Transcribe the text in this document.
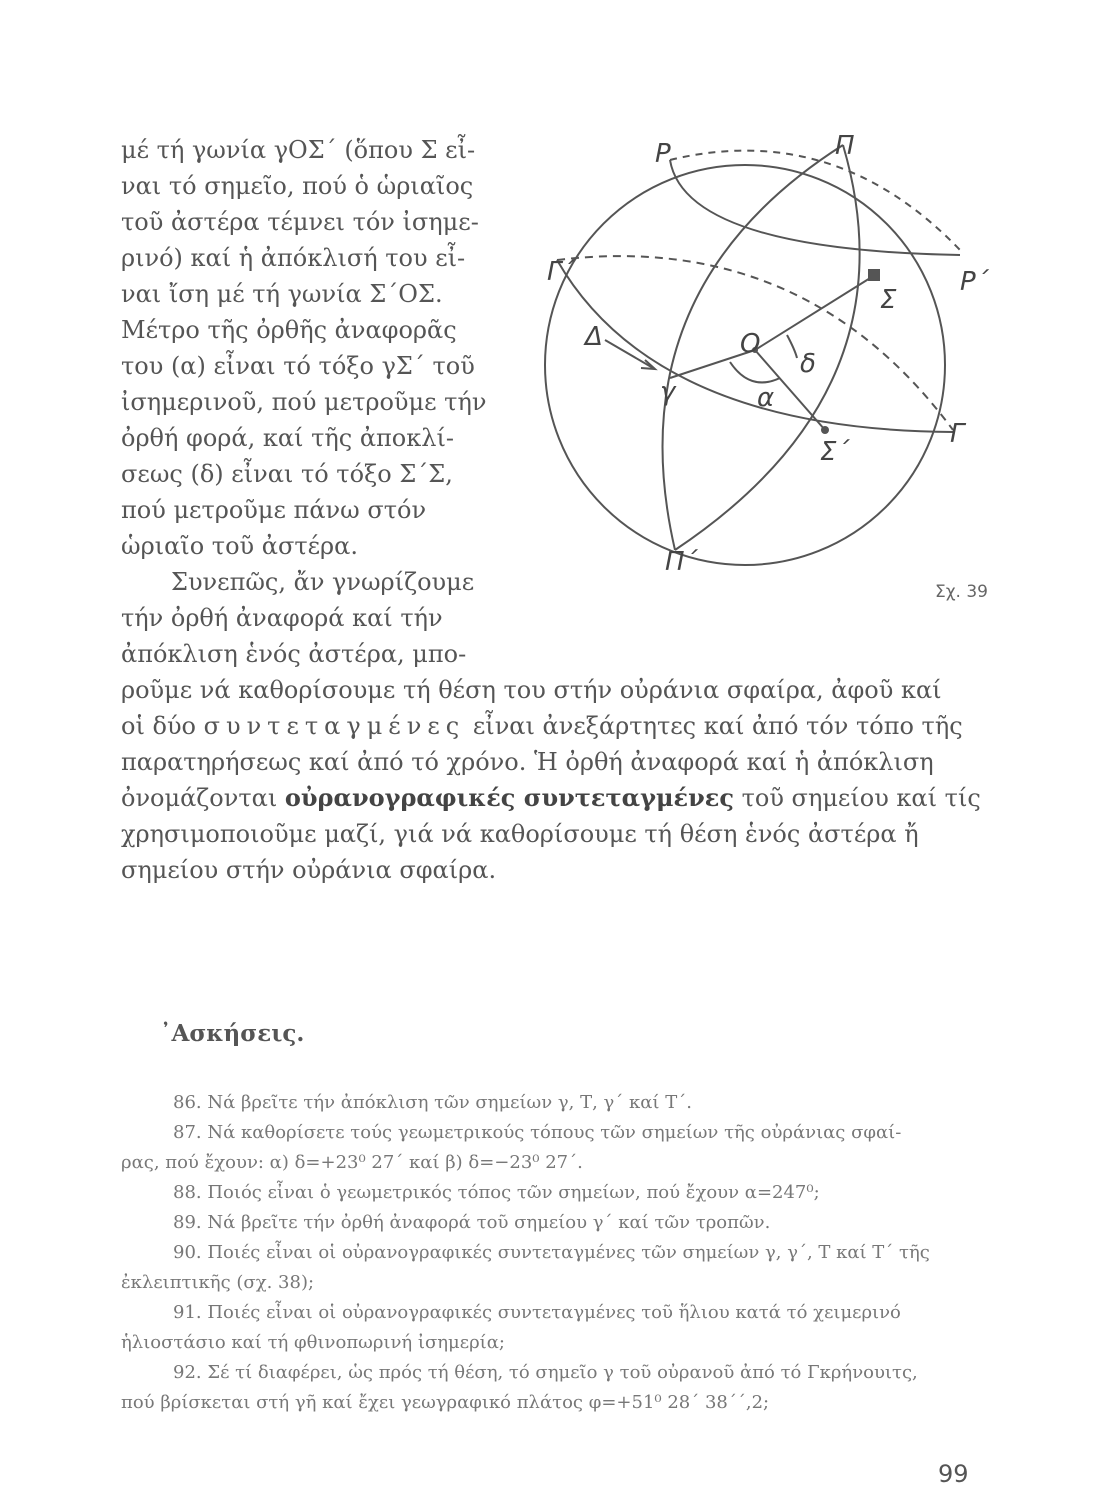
μέ τή γωνία γΟΣ΄ (ὅπου Σ εἶ-
ναι τό σημεῖο, πού ὁ ὡριαῖος
τοῦ ἀστέρα τέμνει τόν ἰσημε-
ρινό) καί ἡ ἀπόκλισή του εἶ-
ναι ἴση μέ τή γωνία Σ΄ΟΣ.
Μέτρο τῆς ὀρθῆς ἀναφορᾶς
του (α) εἶναι τό τόξο γΣ΄ τοῦ
ἰσημερινοῦ, πού μετροῦμε τήν
ὀρθή φορά, καί τῆς ἀποκλί-
σεως (δ) εἶναι τό τόξο Σ΄Σ,
πού μετροῦμε πάνω στόν
ὡριαῖο τοῦ ἀστέρα.
Συνεπῶς, ἄν γνωρίζουμε
τήν ὀρθή ἀναφορά καί τήν
ἀπόκλιση ἑνός ἀστέρα, μπο-
ροῦμε νά καθορίσουμε τή θέση του στήν οὐράνια σφαίρα, ἀφοῦ καί
οἱ δύο συντεταγμένες εἶναι ἀνεξάρτητες καί ἀπό τόν τόπο τῆς
παρατηρήσεως καί ἀπό τό χρόνο. Ἡ ὀρθή ἀναφορά καί ἡ ἀπόκλιση
ὀνομάζονται οὐρανογραφικές συντεταγμένες τοῦ σημείου καί τίς
χρησιμοποιοῦμε μαζί, γιά νά καθορίσουμε τή θέση ἑνός ἀστέρα ἤ
σημείου στήν οὐράνια σφαίρα.
Ρ	Π
Γ΄
Σ
Ρ΄
Δ	Ο
δ
γ	α
Γ
Σ΄
Π΄
Σχ. 39
᾿Ασκήσεις.
86. Νά βρεῖτε τήν ἀπόκλιση τῶν σημείων γ, Τ, γ΄ καί Τ΄.
87. Νά καθορίσετε τούς γεωμετρικούς τόπους τῶν σημείων τῆς οὐράνιας σφαί-
ρας, πού ἔχουν: α) δ=+23⁰ 27΄ καί β) δ=−23⁰ 27΄.
88. Ποιός εἶναι ὁ γεωμετρικός τόπος τῶν σημείων, πού ἔχουν α=247⁰;
89. Νά βρεῖτε τήν ὀρθή ἀναφορά τοῦ σημείου γ΄ καί τῶν τροπῶν.
90. Ποιές εἶναι οἱ οὐρανογραφικές συντεταγμένες τῶν σημείων γ, γ΄, Τ καί Τ΄ τῆς
ἐκλειπτικῆς (σχ. 38);
91. Ποιές εἶναι οἱ οὐρανογραφικές συντεταγμένες τοῦ ἥλιου κατά τό χειμερινό
ἡλιοστάσιο καί τή φθινοπωρινή ἰσημερία;
92. Σέ τί διαφέρει, ὡς πρός τή θέση, τό σημεῖο γ τοῦ οὐρανοῦ ἀπό τό Γκρήνουιτς,
πού βρίσκεται στή γῆ καί ἔχει γεωγραφικό πλάτος φ=+51⁰ 28΄ 38΄΄,2;
99
